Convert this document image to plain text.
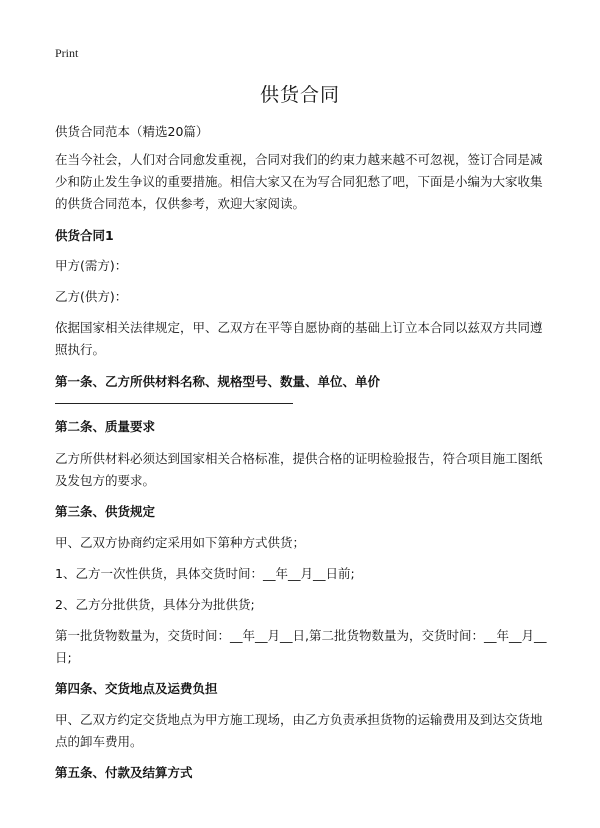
Print
供货合同

供货合同范本（精选20篇）

在当今社会，人们对合同愈发重视，合同对我们的约束力越来越不可忽视，签订合同是减少和防止发生争议的重要措施。相信大家又在为写合同犯愁了吧，下面是小编为大家收集的供货合同范本，仅供参考，欢迎大家阅读。

供货合同1

甲方(需方)：

乙方(供方)：

依据国家相关法律规定，甲、乙双方在平等自愿协商的基础上订立本合同以兹双方共同遵照执行。

第一条、乙方所供材料名称、规格型号、数量、单位、单价

第二条、质量要求

乙方所供材料必须达到国家相关合格标准，提供合格的证明检验报告，符合项目施工图纸及发包方的要求。

第三条、供货规定

甲、乙双方协商约定采用如下第种方式供货；

1、乙方一次性供货，具体交货时间：__年__月__日前;

2、乙方分批供货，具体分为批供货;

第一批货物数量为，交货时间：__年__月__日,第二批货物数量为，交货时间：__年__月__日;

第四条、交货地点及运费负担

甲、乙双方约定交货地点为甲方施工现场，由乙方负责承担货物的运输费用及到达交货地点的卸车费用。

第五条、付款及结算方式
